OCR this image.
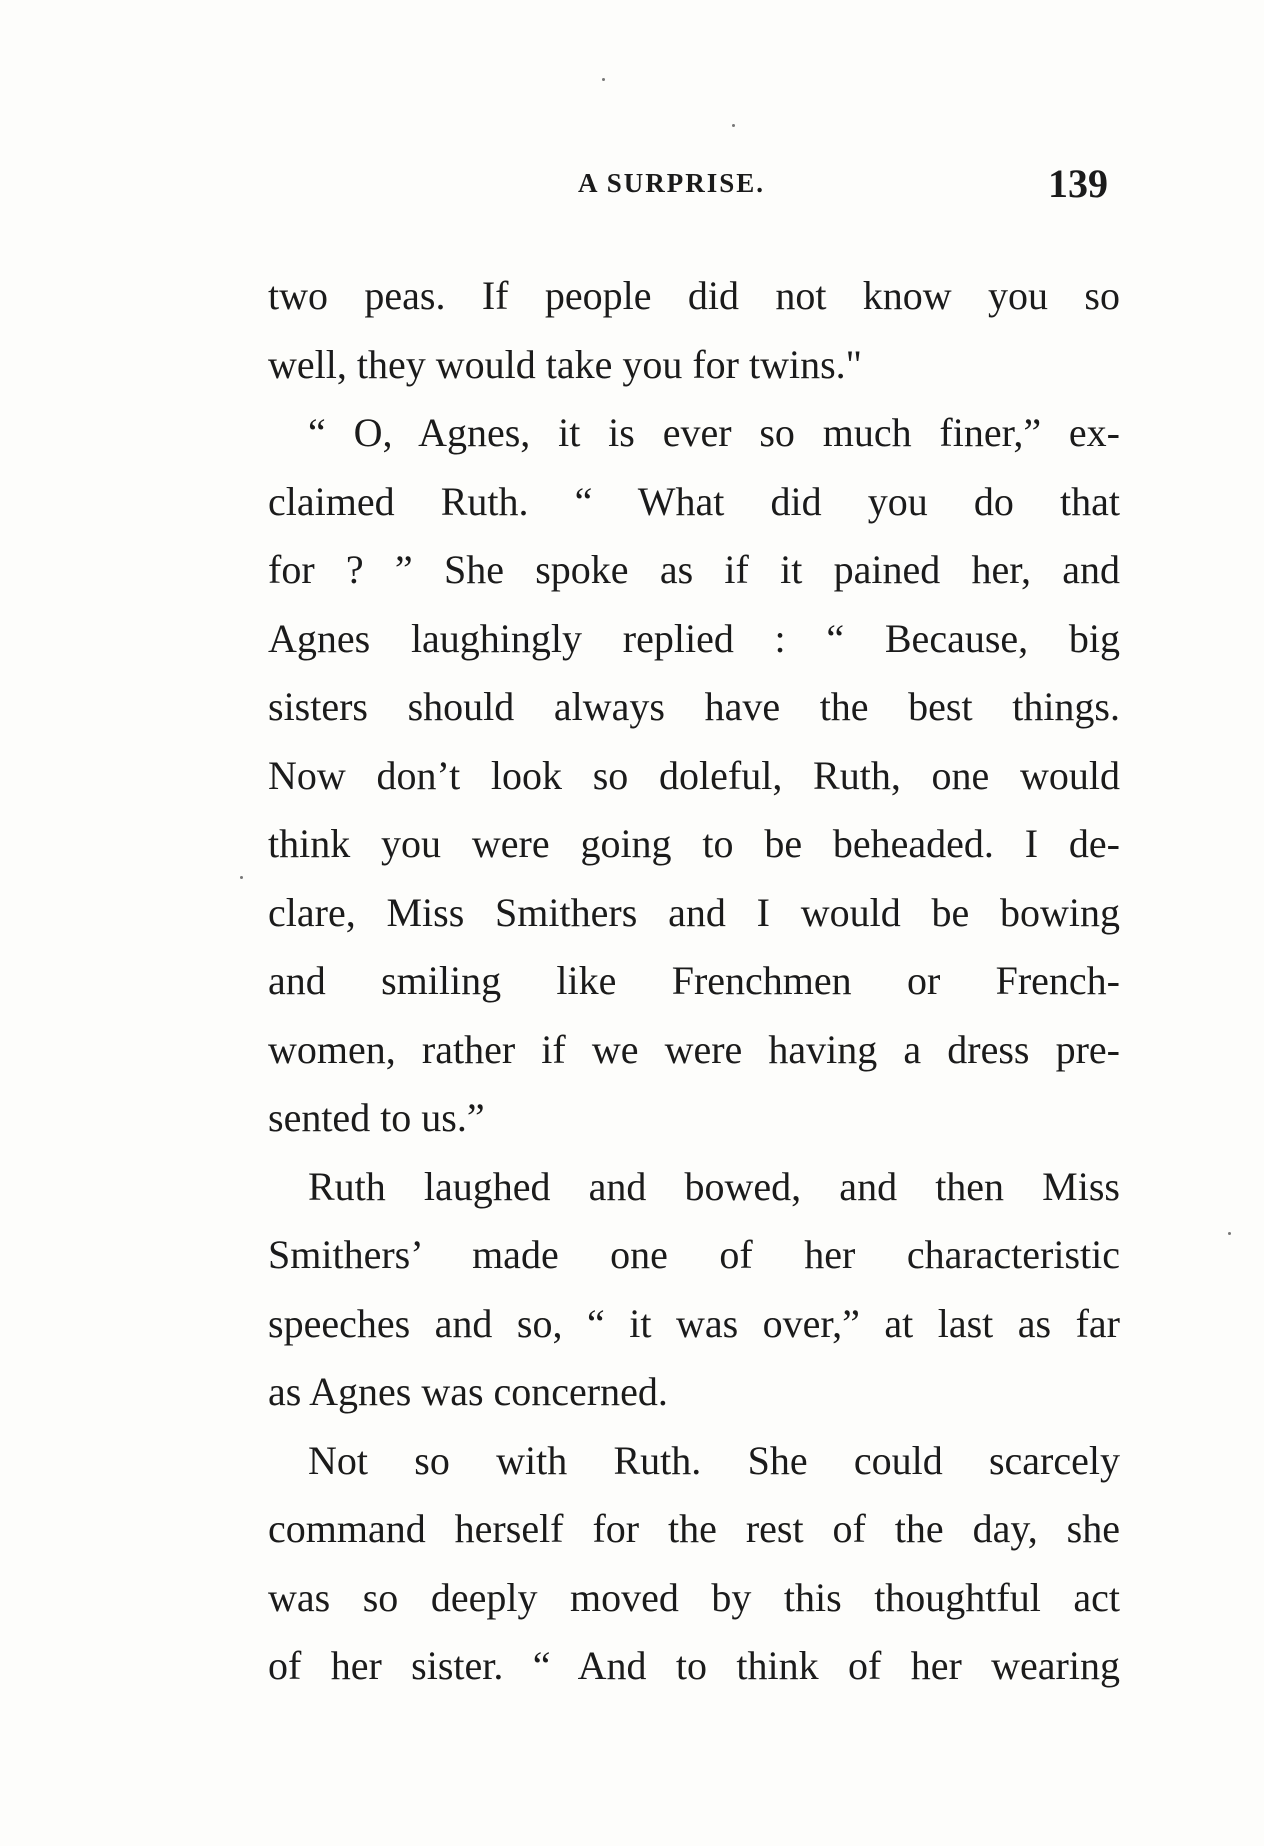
A SURPRISE.	139
two peas. If people did not know you so
well, they would take you for twins."
“ O, Agnes, it is ever so much finer,” ex-
claimed Ruth. “ What did you do that
for ? ” She spoke as if it pained her, and
Agnes laughingly replied : “ Because, big
sisters should always have the best things.
Now don’t look so doleful, Ruth, one would
think you were going to be beheaded. I de-
clare, Miss Smithers and I would be bowing
and smiling like Frenchmen or French-
women, rather if we were having a dress pre-
sented to us.”
Ruth laughed and bowed, and then Miss
Smithers’ made one of her characteristic
speeches and so, “ it was over,” at last as far
as Agnes was concerned.
Not so with Ruth. She could scarcely
command herself for the rest of the day, she
was so deeply moved by this thoughtful act
of her sister. “ And to think of her wearing
